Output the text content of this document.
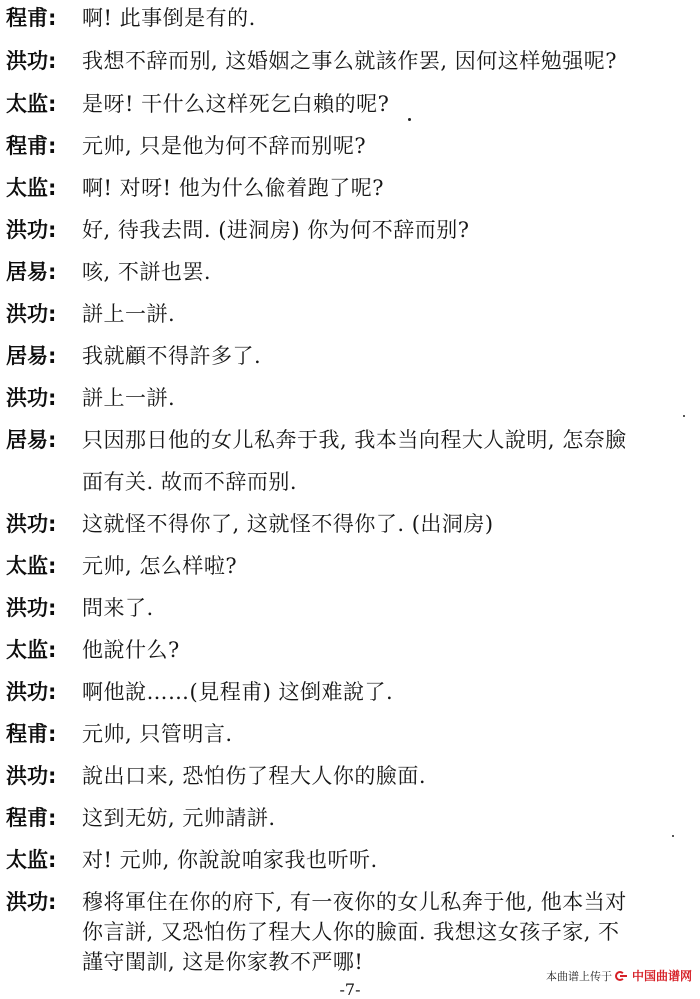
程甫:	啊! 此事倒是有的.
洪功:	我想不辞而别, 这婚姻之事么就該作罢, 因何这样勉强呢?
太监:	是呀! 干什么这样死乞白賴的呢?
程甫:	元帅, 只是他为何不辞而别呢?
太监:	啊! 对呀! 他为什么偸着跑了呢?
洪功:	好, 待我去問. (进洞房) 你为何不辞而别?
居易:	咳, 不誁也罢.
洪功:	誁上一誁.
居易:	我就顧不得許多了.
洪功:	誁上一誁.
居易:	只因那日他的女儿私奔于我, 我本当向程大人說明, 怎奈臉
面有关. 故而不辞而别.
洪功:	这就怪不得你了, 这就怪不得你了. (出洞房)
太监:	元帅, 怎么样啦?
洪功:	問来了.
太监:	他說什么?
洪功:	啊他說……(見程甫) 这倒难說了.
程甫:	元帅, 只管明言.
洪功:	說出口来, 恐怕伤了程大人你的臉面.
程甫:	这到无妨, 元帅請誁.
太监:	对! 元帅, 你說說咱家我也听听.
洪功:	穆将軍住在你的府下, 有一夜你的女儿私奔于他, 他本当对
你言誁, 又恐怕伤了程大人你的臉面. 我想这女孩子家, 不
謹守閨訓, 这是你家教不严哪!
本曲谱上传于 中国曲谱网
-7-
